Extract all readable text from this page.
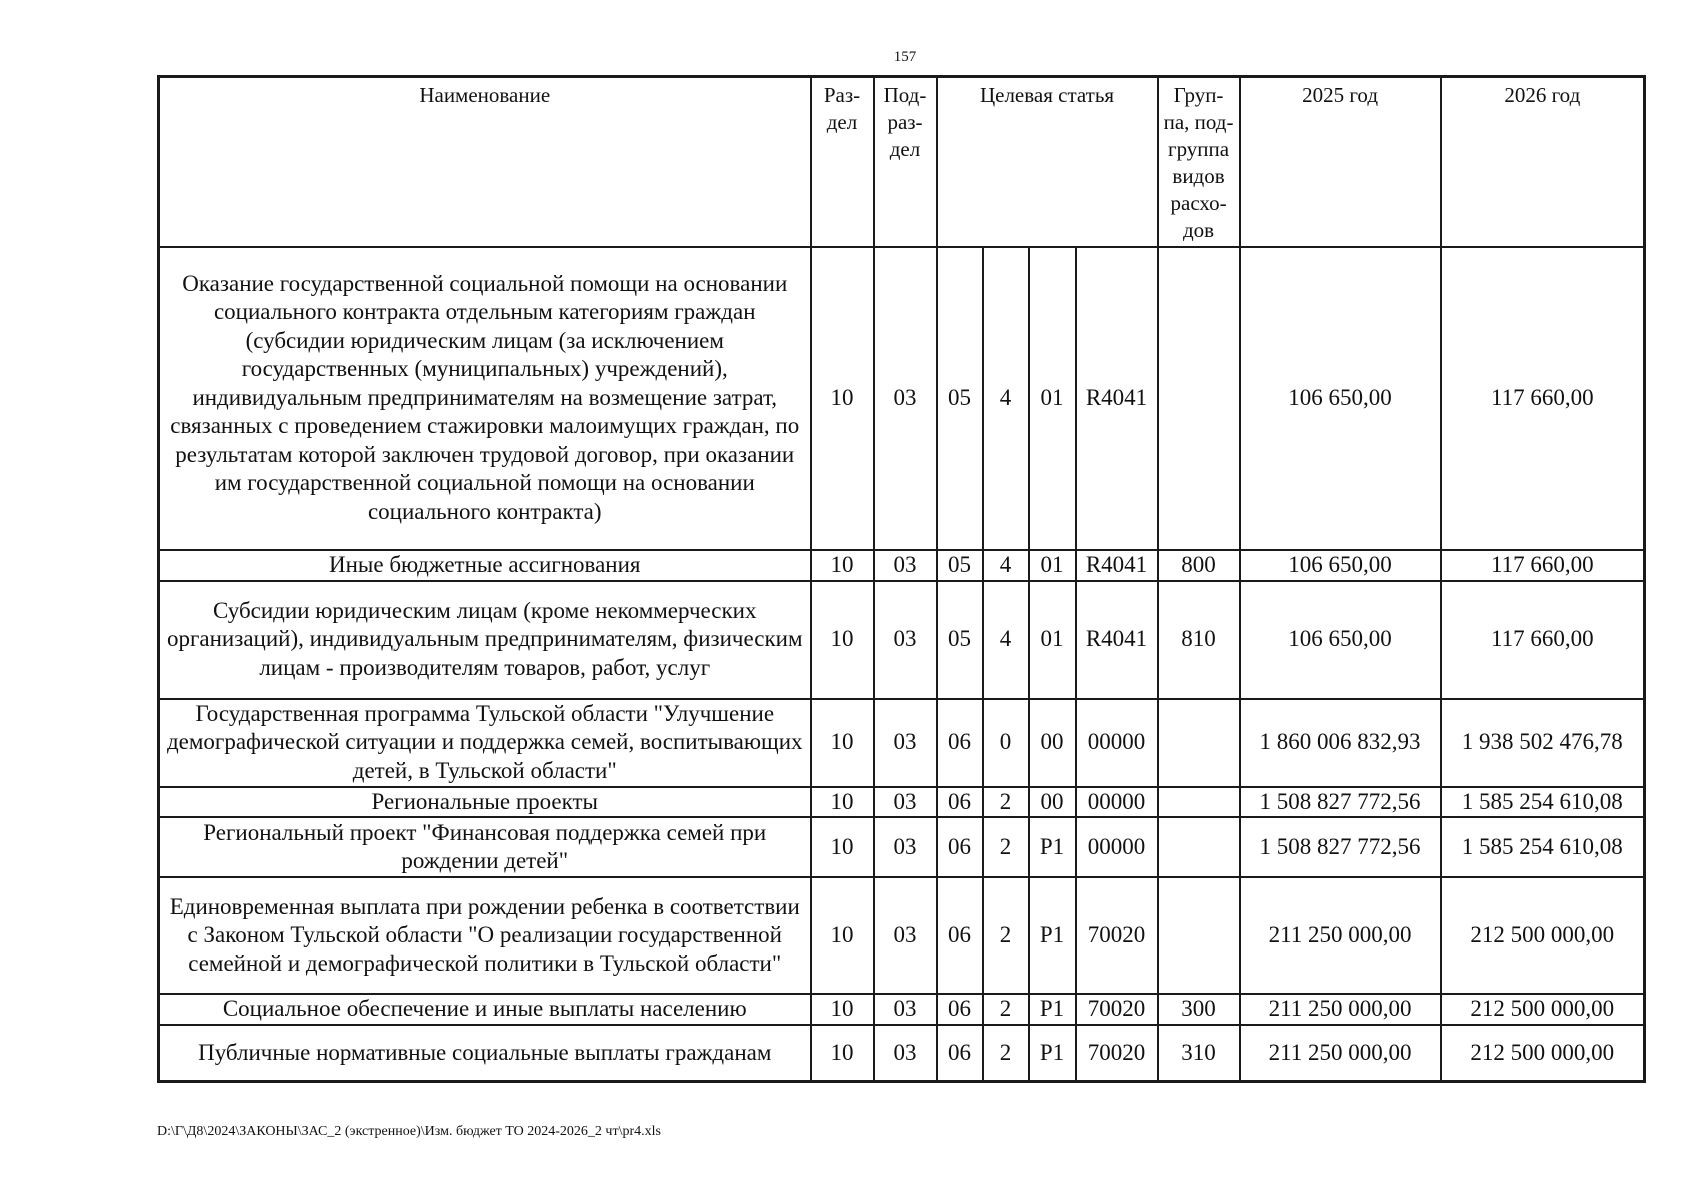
157
Наименование	Раз- дел	Под- раз- дел	Целевая статья				Груп- па, под- группа видов расхо- дов	2025 год	2026 год
Оказание государственной социальной помощи на основании социального контракта отдельным категориям граждан (субсидии юридическим лицам (за исключением государственных (муниципальных) учреждений), индивидуальным предпринимателям на возмещение затрат, связанных с проведением стажировки малоимущих граждан, по результатам которой заключен трудовой договор, при оказании им государственной социальной помощи на основании социального контракта)	10	03	05	4	01	R4041		106 650,00	117 660,00
Иные бюджетные ассигнования	10	03	05	4	01	R4041	800	106 650,00	117 660,00
Субсидии юридическим лицам (кроме некоммерческих организаций), индивидуальным предпринимателям, физическим лицам - производителям товаров, работ, услуг	10	03	05	4	01	R4041	810	106 650,00	117 660,00
Государственная программа Тульской области "Улучшение демографической ситуации и поддержка семей, воспитывающих детей, в Тульской области"	10	03	06	0	00	00000		1 860 006 832,93	1 938 502 476,78
Региональные проекты	10	03	06	2	00	00000		1 508 827 772,56	1 585 254 610,08
Региональный проект "Финансовая поддержка семей при рождении детей"	10	03	06	2	P1	00000		1 508 827 772,56	1 585 254 610,08
Единовременная выплата при рождении ребенка в соответствии с Законом Тульской области "О реализации государственной семейной и демографической политики в Тульской области"	10	03	06	2	P1	70020		211 250 000,00	212 500 000,00
Социальное обеспечение и иные выплаты населению	10	03	06	2	P1	70020	300	211 250 000,00	212 500 000,00
Публичные нормативные социальные выплаты гражданам	10	03	06	2	P1	70020	310	211 250 000,00	212 500 000,00
D:\Г\Д8\2024\ЗАКОНЫ\ЗАС_2 (экстренное)\Изм. бюджет ТО 2024-2026_2 чт\pr4.xls
